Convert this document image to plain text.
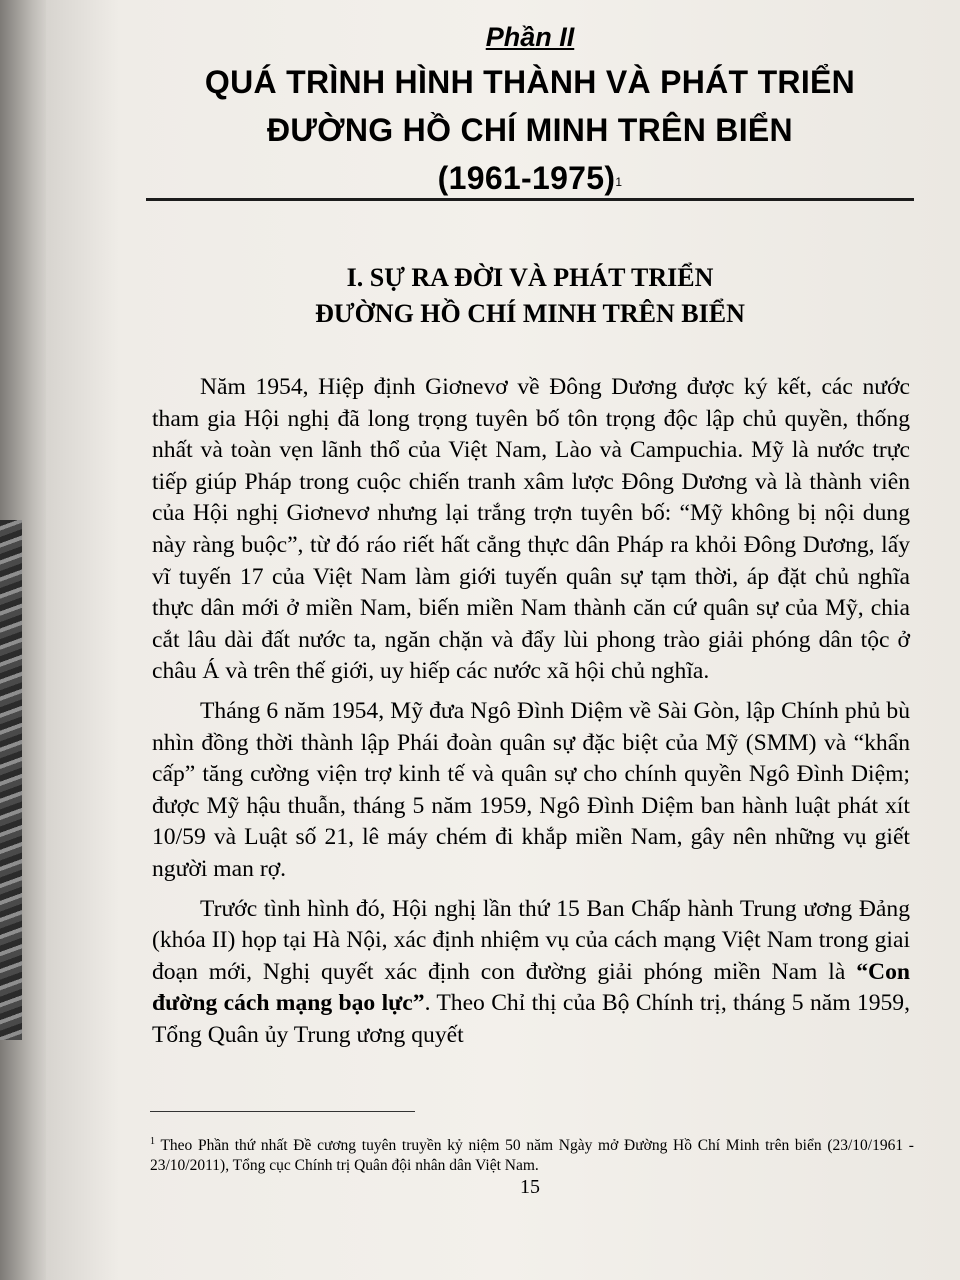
Phần II
QUÁ TRÌNH HÌNH THÀNH VÀ PHÁT TRIỂN
ĐƯỜNG HỒ CHÍ MINH TRÊN BIỂN
(1961-1975)$^1$
I. SỰ RA ĐỜI VÀ PHÁT TRIỂN
ĐƯỜNG HỒ CHÍ MINH TRÊN BIỂN

Năm 1954, Hiệp định Giơnevơ về Đông Dương được ký kết, các nước tham gia Hội nghị đã long trọng tuyên bố tôn trọng độc lập chủ quyền, thống nhất và toàn vẹn lãnh thổ của Việt Nam, Lào và Campuchia. Mỹ là nước trực tiếp giúp Pháp trong cuộc chiến tranh xâm lược Đông Dương và là thành viên của Hội nghị Giơnevơ nhưng lại trắng trợn tuyên bố: “Mỹ không bị nội dung này ràng buộc”, từ đó ráo riết hất cẳng thực dân Pháp ra khỏi Đông Dương, lấy vĩ tuyến 17 của Việt Nam làm giới tuyến quân sự tạm thời, áp đặt chủ nghĩa thực dân mới ở miền Nam, biến miền Nam thành căn cứ quân sự của Mỹ, chia cắt lâu dài đất nước ta, ngăn chặn và đẩy lùi phong trào giải phóng dân tộc ở châu Á và trên thế giới, uy hiếp các nước xã hội chủ nghĩa.

Tháng 6 năm 1954, Mỹ đưa Ngô Đình Diệm về Sài Gòn, lập Chính phủ bù nhìn đồng thời thành lập Phái đoàn quân sự đặc biệt của Mỹ (SMM) và “khẩn cấp” tăng cường viện trợ kinh tế và quân sự cho chính quyền Ngô Đình Diệm; được Mỹ hậu thuẫn, tháng 5 năm 1959, Ngô Đình Diệm ban hành luật phát xít 10/59 và Luật số 21, lê máy chém đi khắp miền Nam, gây nên những vụ giết người man rợ.

Trước tình hình đó, Hội nghị lần thứ 15 Ban Chấp hành Trung ương Đảng (khóa II) họp tại Hà Nội, xác định nhiệm vụ của cách mạng Việt Nam trong giai đoạn mới, Nghị quyết xác định con đường giải phóng miền Nam là “Con đường cách mạng bạo lực”. Theo Chỉ thị của Bộ Chính trị, tháng 5 năm 1959, Tổng Quân ủy Trung ương quyết

$^1$ Theo Phần thứ nhất Đề cương tuyên truyền kỷ niệm 50 năm Ngày mở Đường Hồ Chí Minh trên biển (23/10/1961 - 23/10/2011), Tổng cục Chính trị Quân đội nhân dân Việt Nam.
15
